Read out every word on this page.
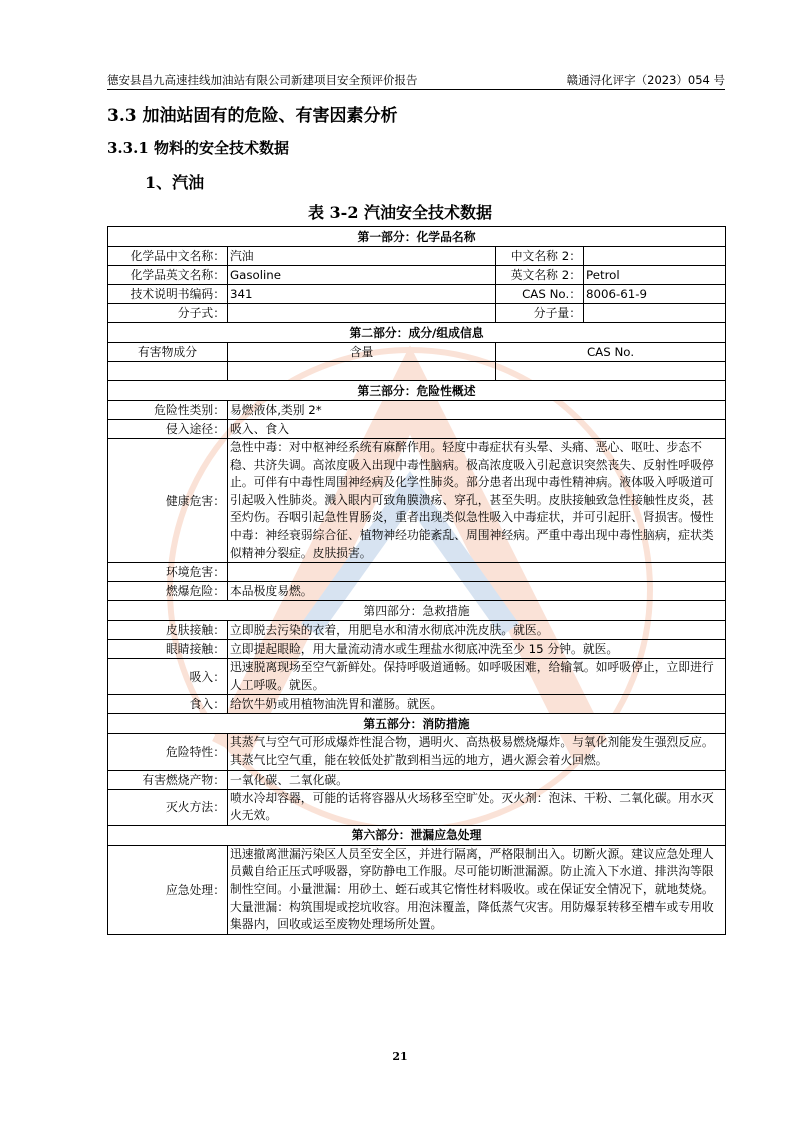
德安县昌九高速挂线加油站有限公司新建项目安全预评价报告	赣通浔化评字（2023）054 号
3.3 加油站固有的危险、有害因素分析
3.3.1 物料的安全技术数据
1、汽油
表 3-2 汽油安全技术数据
第一部分：化学品名称			
化学品中文名称：	汽油	中文名称 2：	
化学品英文名称：	Gasoline	英文名称 2：	Petrol
技术说明书编码：	341	CAS No.：	8006-61-9
分子式：		分子量：	
第二部分：成分/组成信息			
有害物成分	含量	CAS No.	

第三部分：危险性概述			
危险性类别：	易燃液体,类别 2*		
侵入途径：	吸入、食入		
健康危害：	急性中毒：对中枢神经系统有麻醉作用。轻度中毒症状有头晕、头痛、恶心、呕吐、步态不稳、共济失调。高浓度吸入出现中毒性脑病。极高浓度吸入引起意识突然丧失、反射性呼吸停止。可伴有中毒性周围神经病及化学性肺炎。部分患者出现中毒性精神病。液体吸入呼吸道可引起吸入性肺炎。溅入眼内可致角膜溃疡、穿孔，甚至失明。皮肤接触致急性接触性皮炎，甚至灼伤。吞咽引起急性胃肠炎，重者出现类似急性吸入中毒症状，并可引起肝、肾损害。慢性中毒：神经衰弱综合征、植物神经功能紊乱、周围神经病。严重中毒出现中毒性脑病，症状类似精神分裂症。皮肤损害。		
环境危害：			
燃爆危险：	本品极度易燃。		
第四部分：急救措施			
皮肤接触：	立即脱去污染的衣着，用肥皂水和清水彻底冲洗皮肤。就医。		
眼睛接触：	立即提起眼睑，用大量流动清水或生理盐水彻底冲洗至少 15 分钟。就医。		
吸入：	迅速脱离现场至空气新鲜处。保持呼吸道通畅。如呼吸困难，给输氧。如呼吸停止，立即进行人工呼吸。就医。		
食入：	给饮牛奶或用植物油洗胃和灌肠。就医。		
第五部分：消防措施			
危险特性：	其蒸气与空气可形成爆炸性混合物，遇明火、高热极易燃烧爆炸。与氧化剂能发生强烈反应。其蒸气比空气重，能在较低处扩散到相当远的地方，遇火源会着火回燃。		
有害燃烧产物：	一氧化碳、二氧化碳。		
灭火方法：	喷水冷却容器，可能的话将容器从火场移至空旷处。灭火剂：泡沫、干粉、二氧化碳。用水灭火无效。		
第六部分：泄漏应急处理			
应急处理：	迅速撤离泄漏污染区人员至安全区，并进行隔离，严格限制出入。切断火源。建议应急处理人员戴自给正压式呼吸器，穿防静电工作服。尽可能切断泄漏源。防止流入下水道、排洪沟等限制性空间。小量泄漏：用砂土、蛭石或其它惰性材料吸收。或在保证安全情况下，就地焚烧。大量泄漏：构筑围堤或挖坑收容。用泡沫覆盖，降低蒸气灾害。用防爆泵转移至槽车或专用收集器内，回收或运至废物处理场所处置。		
21
